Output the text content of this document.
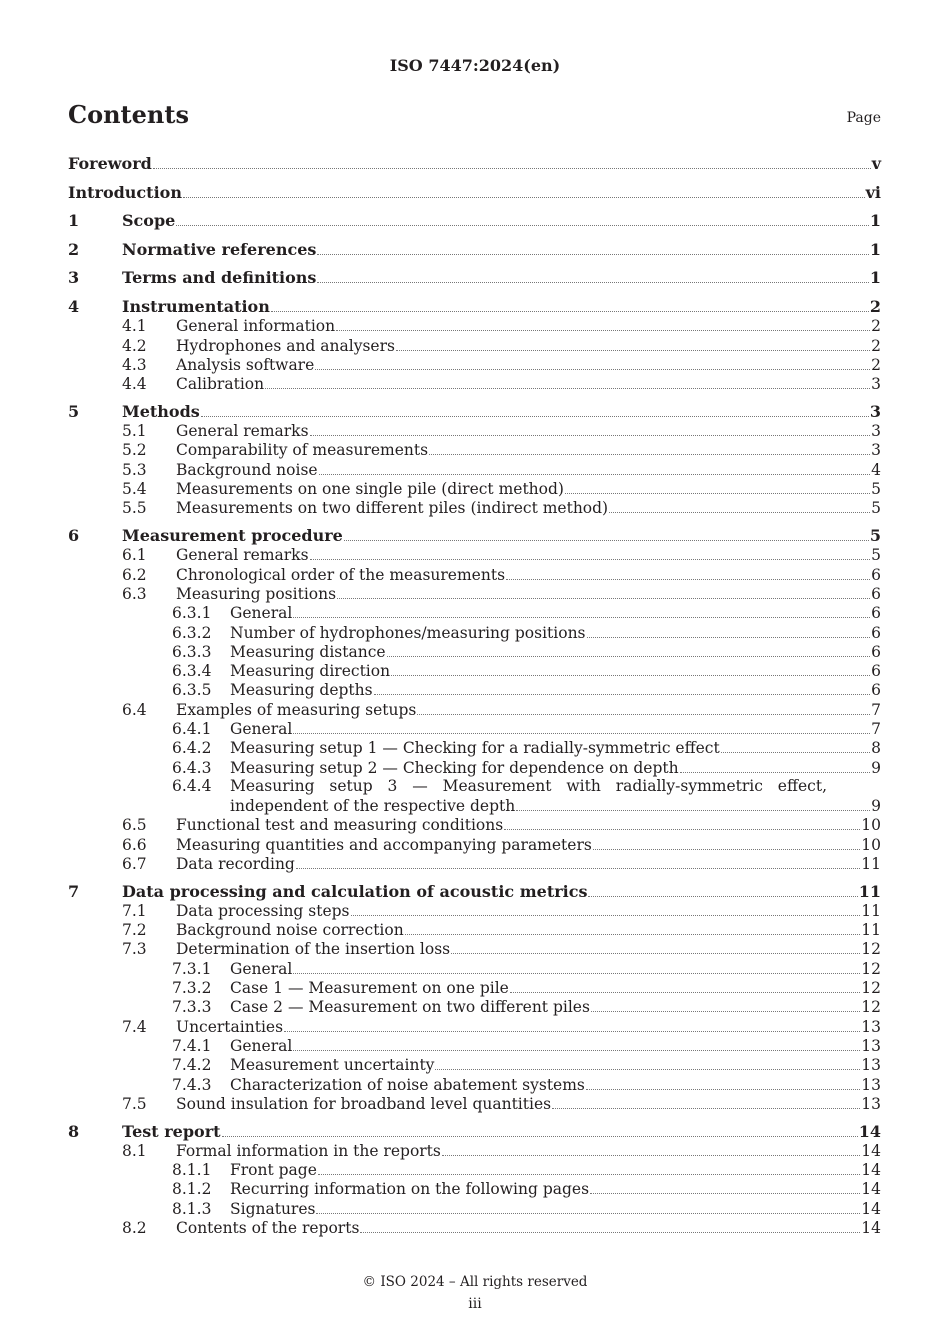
ISO 7447:2024(en)
Contents	Page
Foreword	v
Introduction	vi
1	Scope	1
2	Normative references	1
3	Terms and definitions	1
4	Instrumentation	2
4.1 General information	2
4.2 Hydrophones and analysers	2
4.3 Analysis software	2
4.4 Calibration	3
5	Methods	3
5.1 General remarks	3
5.2 Comparability of measurements	3
5.3 Background noise	4
5.4 Measurements on one single pile (direct method)	5
5.5 Measurements on two different piles (indirect method)	5
6	Measurement procedure	5
6.1 General remarks	5
6.2 Chronological order of the measurements	6
6.3 Measuring positions	6
6.3.1 General	6
6.3.2 Number of hydrophones/measuring positions	6
6.3.3 Measuring distance	6
6.3.4 Measuring direction	6
6.3.5 Measuring depths	6
6.4 Examples of measuring setups	7
6.4.1 General	7
6.4.2 Measuring setup 1 — Checking for a radially-symmetric effect	8
6.4.3 Measuring setup 2 — Checking for dependence on depth	9
6.4.4 Measuring setup 3 — Measurement with radially-symmetric effect,
independent of the respective depth	9
6.5 Functional test and measuring conditions	10
6.6 Measuring quantities and accompanying parameters	10
6.7 Data recording	11
7	Data processing and calculation of acoustic metrics	11
7.1 Data processing steps	11
7.2 Background noise correction	11
7.3 Determination of the insertion loss	12
7.3.1 General	12
7.3.2 Case 1 — Measurement on one pile	12
7.3.3 Case 2 — Measurement on two different piles	12
7.4 Uncertainties	13
7.4.1 General	13
7.4.2 Measurement uncertainty	13
7.4.3 Characterization of noise abatement systems	13
7.5 Sound insulation for broadband level quantities	13
8	Test report	14
8.1 Formal information in the reports	14
8.1.1 Front page	14
8.1.2 Recurring information on the following pages	14
8.1.3 Signatures	14
8.2 Contents of the reports	14
© ISO 2024 – All rights reserved
iii
